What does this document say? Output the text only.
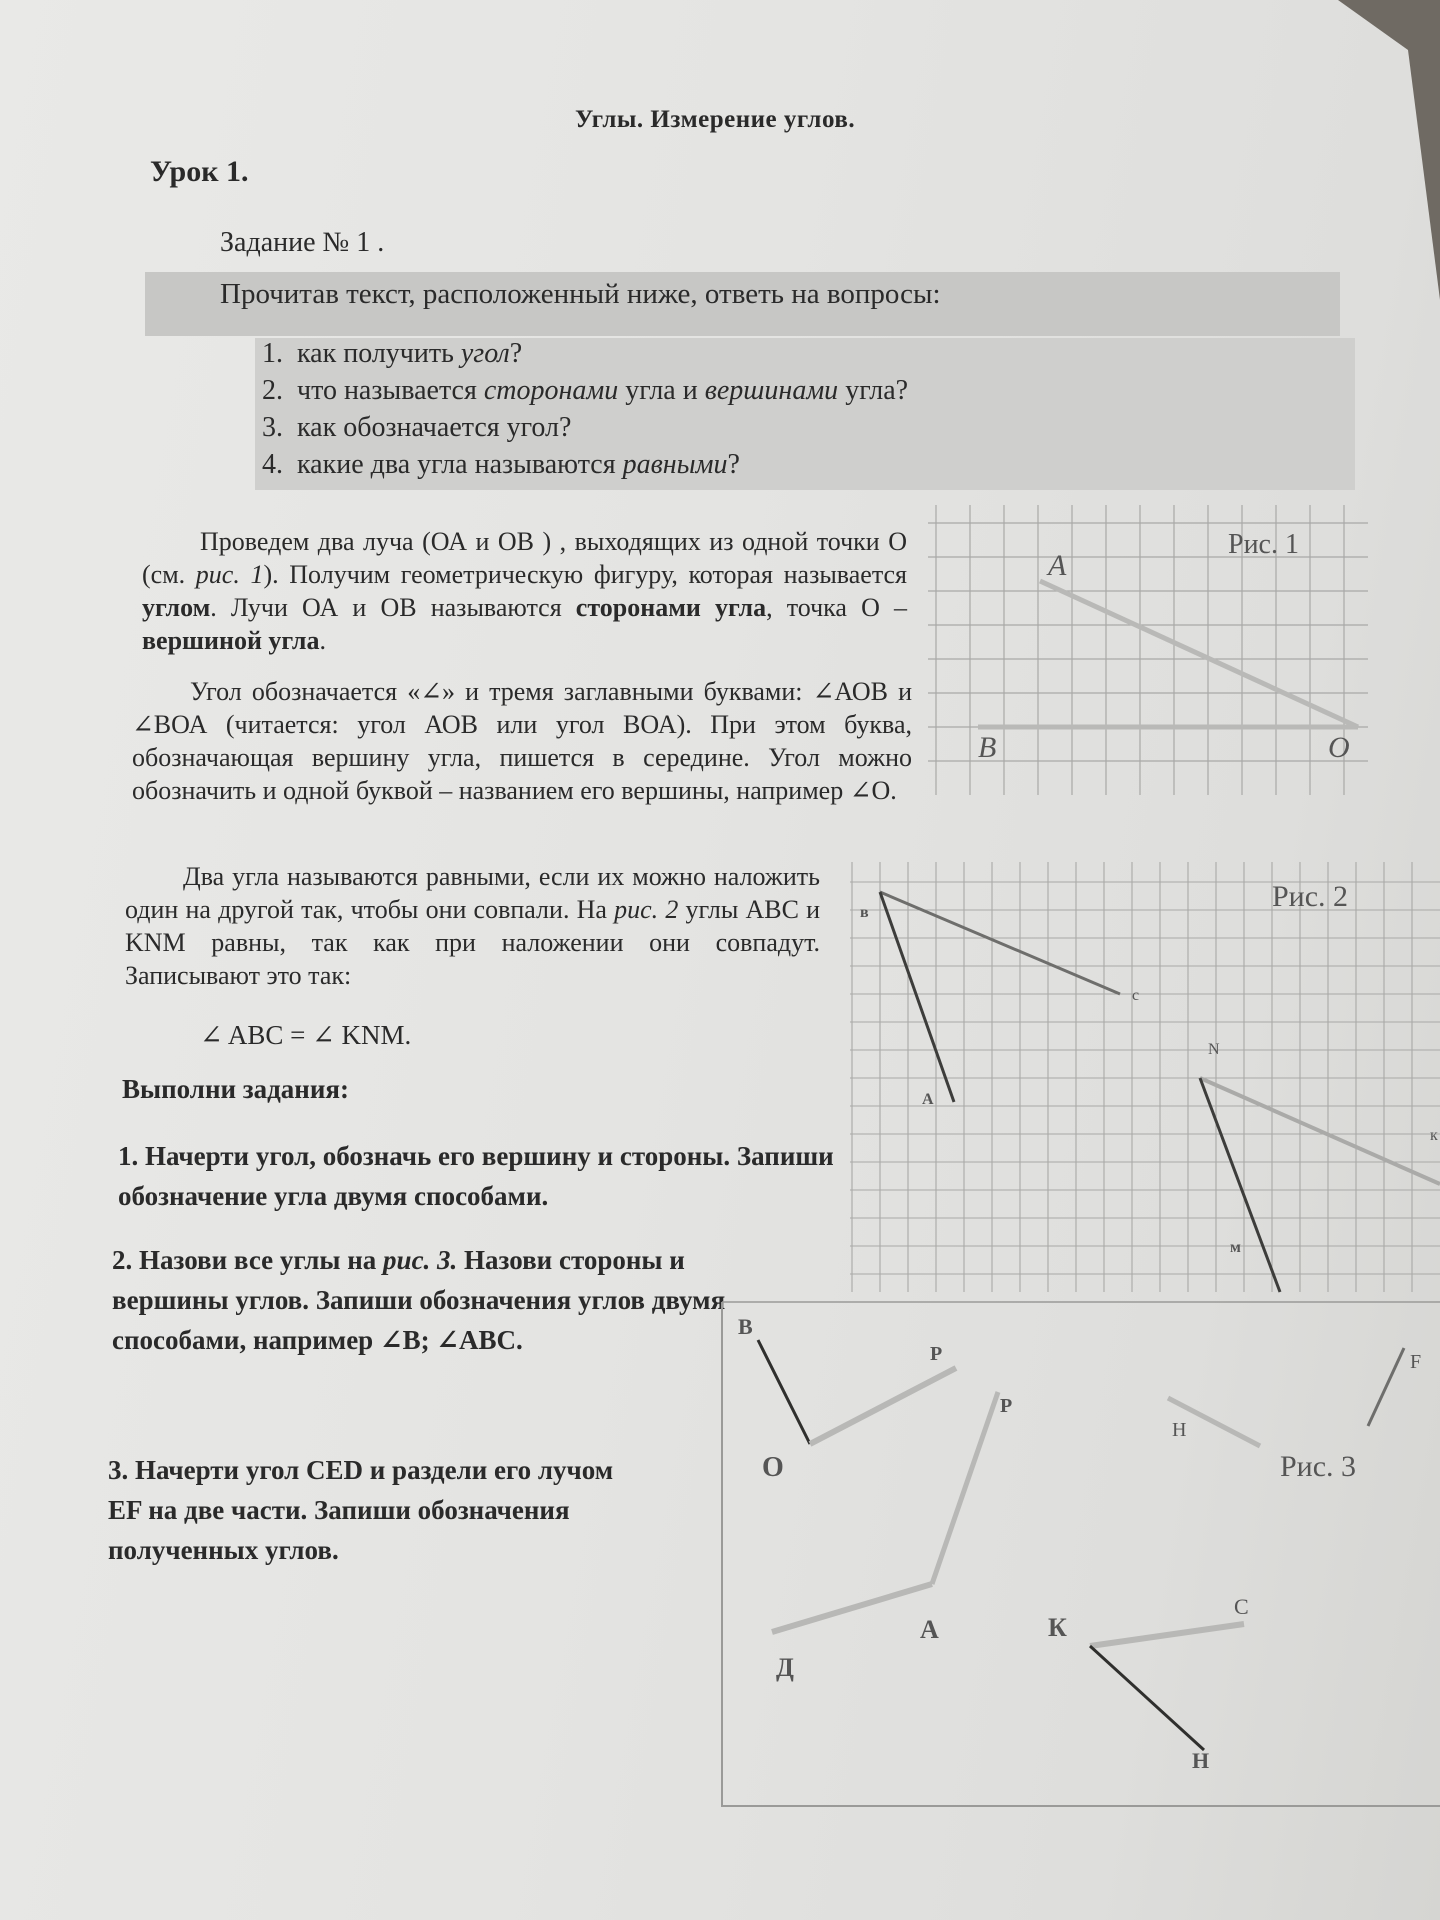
Углы. Измерение углов.
Урок 1.
Задание № 1 .
Прочитав текст, расположенный ниже, ответь на вопросы:
1. как получить угол?
2. что называется сторонами угла и вершинами угла?
3. как обозначается угол?
4. какие два угла называются равными?
Проведем два луча (ОА и ОВ ) , выходящих из одной точки О (см. рис. 1). Получим геометрическую фигуру, которая называется углом. Лучи ОА и ОВ называются сторонами угла, точка О – вершиной угла.
Угол обозначается «∠» и тремя заглавными буквами: ∠АОВ и ∠ВОА (читается: угол АОВ или угол ВОА). При этом буква, обозначающая вершину угла, пишется в середине. Угол можно обозначить и одной буквой – названием его вершины, например ∠О.
Два угла называются равными, если их можно наложить один на другой так, чтобы они совпали. На рис. 2 углы АВС и KNM равны, так как при наложении они совпадут. Записывают это так:
∠ ABC = ∠ KNM.
Выполни задания:
1. Начерти угол, обозначь его вершину и стороны. Запиши обозначение угла двумя способами.
2. Назови все углы на рис. 3. Назови стороны и вершины углов. Запиши обозначения углов двумя способами, например ∠В; ∠АВС.
3. Начерти угол CED и раздели его лучом EF на две части. Запиши обозначения полученных углов.
A
B	O
Рис. 1
в
с
A
N
м
к
Рис. 2
В
О
Р
Р
А
Д
К
С
Н
Н
F
Рис. 3
